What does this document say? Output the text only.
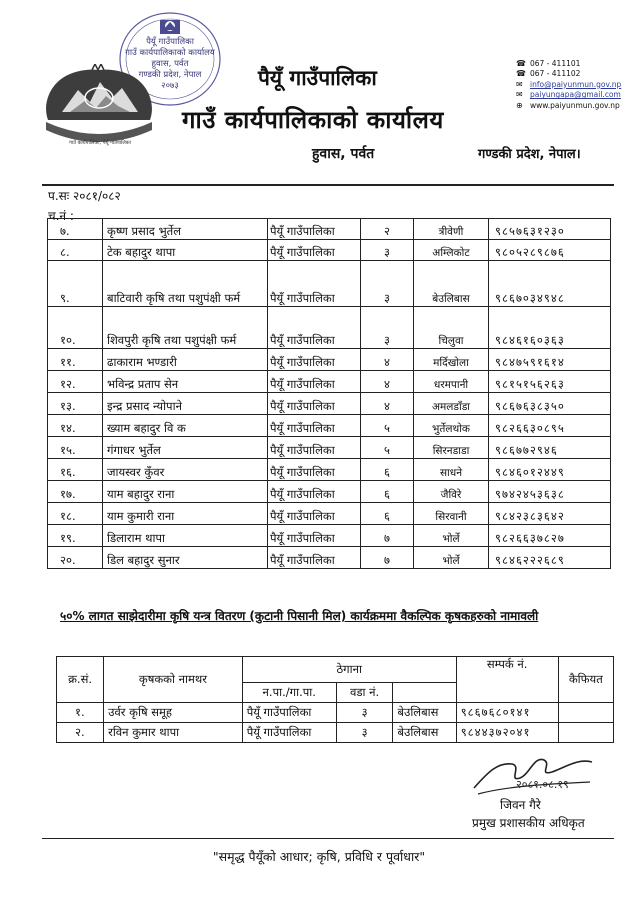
पैयूँ गाउँपालिका
गाउँ कार्यपालिकाको कार्यालय
हुवास, पर्वत
गण्डकी प्रदेश, नेपाल
२०७३
गाउँ कार्यपालिका, पैयूँ गाउँपालिका
पैयूँ गाउँपालिका
गाउँ कार्यपालिकाको कार्यालय
हुवास, पर्वत	गण्डकी प्रदेश, नेपाल।
☎ 067 - 411101
☎ 067 - 411102
✉ info@paiyunmun.gov.np
✉ paiyungapa@gmail.com
⊕ www.paiyunmun.gov.np
प.सः २०८१/०८२
च.नं :
७.	कृष्ण प्रसाद भुर्तेल	पैयूँ गाउँपालिका	२	त्रीवेणी	९८५७६३१२३०
८.	टेक बहादुर थापा	पैयूँ गाउँपालिका	३	अम्लिकोट	९८०५२८९८७६
९.	बाटिवारी कृषि तथा पशुपंक्षी फर्म	पैयूँ गाउँपालिका	३	बेउलिबास	९८६७०३४९४८
१०.	शिवपुरी कृषि तथा पशुपंक्षी फर्म	पैयूँ गाउँपालिका	३	चिलुवा	९८४६१६०३६३
११.	ढाकाराम भण्डारी	पैयूँ गाउँपालिका	४	मर्दिखोला	९८४७५९१६१४
१२.	भविन्द्र प्रताप सेन	पैयूँ गाउँपालिका	४	धरमपानी	९८१५१५६२६३
१३.	इन्द्र प्रसाद न्योपाने	पैयूँ गाउँपालिका	४	अमलडाँडा	९८६७६३८३५०
१४.	ख्याम बहादुर वि क	पैयूँ गाउँपालिका	५	भुर्तेलथोक	९८२६६३०८९५
१५.	गंगाधर भुर्तेल	पैयूँ गाउँपालिका	५	सिरनडाडा	९८६७७२९४६
१६.	जायस्वर कुँवर	पैयूँ गाउँपालिका	६	साधने	९८४६०१२४४९
१७.	याम बहादुर राना	पैयूँ गाउँपालिका	६	जैविरे	९७४२४५३६३८
१८.	याम कुमारी राना	पैयूँ गाउँपालिका	६	सिरवानी	९८४२३८३६४२
१९.	डिलाराम थापा	पैयूँ गाउँपालिका	७	भोर्ले	९८२६६३७८२७
२०.	डिल बहादुर सुनार	पैयूँ गाउँपालिका	७	भोर्ले	९८४६२२२६८९
५०% लागत साझेदारीमा कृषि यन्त्र वितरण (कुटानी पिसानी मिल) कार्यक्रममा वैकल्पिक कृषकहरुको नामावली
क्र.सं.	कृषकको नामथर	ठेगाना			सम्पर्क नं.	कैफियत
		न.पा./गा.पा.	वडा नं.			
१.	उर्वर कृषि समूह	पैयूँ गाउँपालिका	३	बेउलिबास	९८६७६८०१४१	
२.	रविन कुमार थापा	पैयूँ गाउँपालिका	३	बेउलिबास	९८४४३७२०४१	
२०८१.०८.१९
जिवन गैरे
प्रमुख प्रशासकीय अधिकृत
"समृद्ध पैयूँको आधार; कृषि, प्रविधि र पूर्वाधार"
